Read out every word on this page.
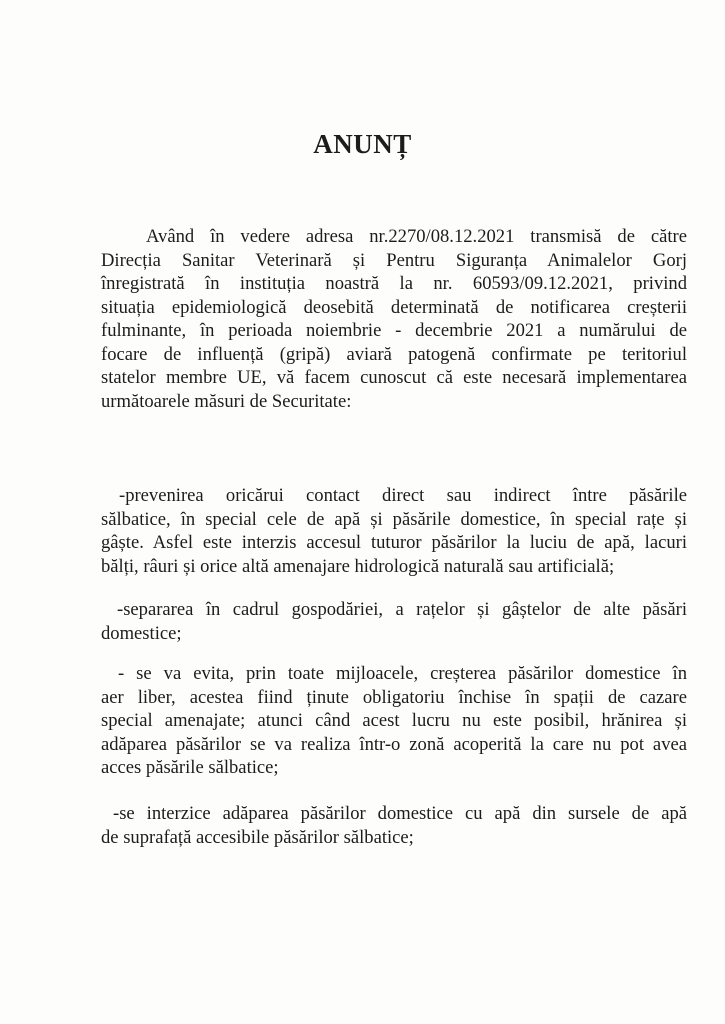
ANUNȚ

Având în vedere adresa nr.2270/08.12.2021 transmisă de către
Direcția Sanitar Veterinară și Pentru Siguranța Animalelor Gorj
înregistrată în instituția noastră la nr. 60593/09.12.2021, privind
situația epidemiologică deosebită determinată de notificarea creșterii
fulminante, în perioada noiembrie - decembrie 2021 a numărului de
focare de influență (gripă) aviară patogenă confirmate pe teritoriul
statelor membre UE, vă facem cunoscut că este necesară implementarea
următoarele măsuri de Securitate:

-prevenirea oricărui contact direct sau indirect între păsările
sălbatice, în special cele de apă și păsările domestice, în special rațe și
gâște. Asfel este interzis accesul tuturor păsărilor la luciu de apă, lacuri
bălți, râuri și orice altă amenajare hidrologică naturală sau artificială;

-separarea în cadrul gospodăriei, a rațelor și gâștelor de alte păsări
domestice;

- se va evita, prin toate mijloacele, creșterea păsărilor domestice în
aer liber, acestea fiind ținute obligatoriu închise în spații de cazare
special amenajate; atunci când acest lucru nu este posibil, hrănirea și
adăparea păsărilor se va realiza într-o zonă acoperită la care nu pot avea
acces păsările sălbatice;

-se interzice adăparea păsărilor domestice cu apă din sursele de apă
de suprafață accesibile păsărilor sălbatice;
